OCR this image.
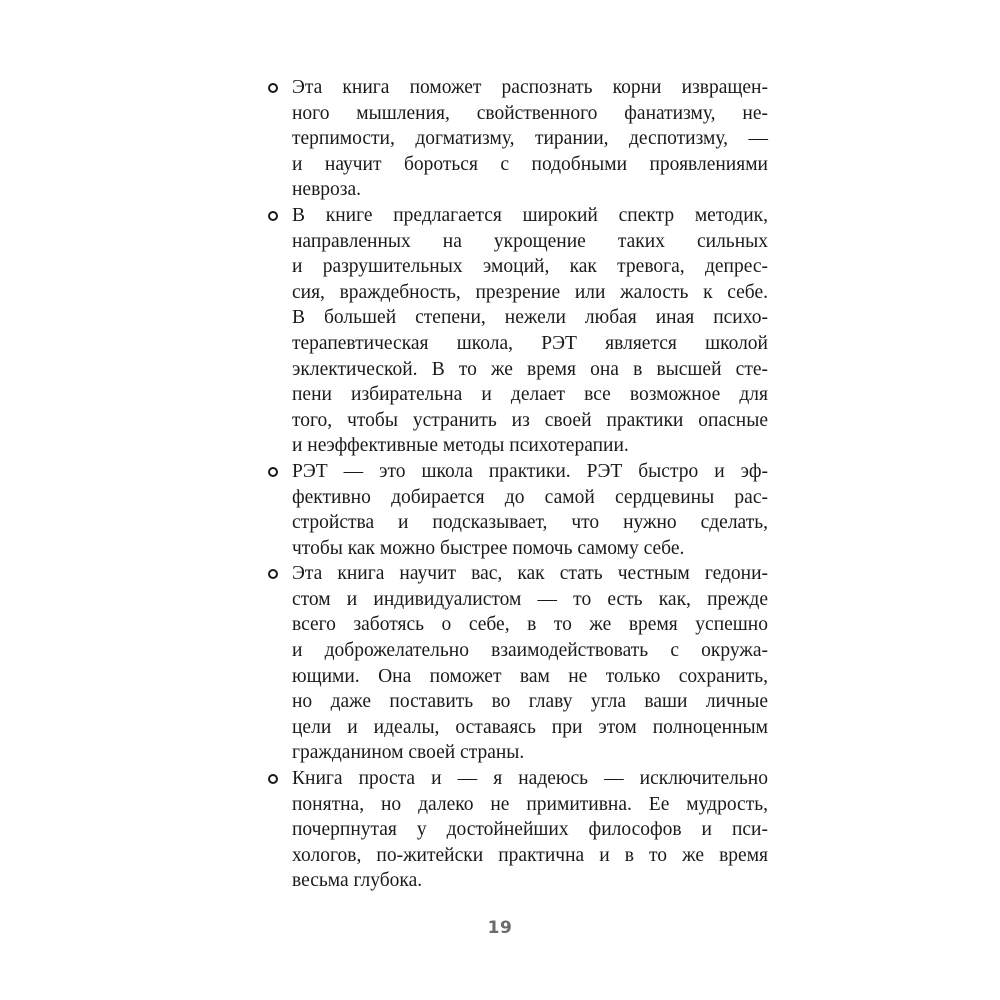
Эта книга поможет распознать корни извращен-
ного мышления, свойственного фанатизму, не-
терпимости, догматизму, тирании, деспотизму, —
и научит бороться с подобными проявлениями
невроза.
В книге предлагается широкий спектр методик,
направленных на укрощение таких сильных
и разрушительных эмоций, как тревога, депрес-
сия, враждебность, презрение или жалость к себе.
В большей степени, нежели любая иная психо-
терапевтическая школа, РЭТ является школой
эклектической. В то же время она в высшей сте-
пени избирательна и делает все возможное для
того, чтобы устранить из своей практики опасные
и неэффективные методы психотерапии.
РЭТ — это школа практики. РЭТ быстро и эф-
фективно добирается до самой сердцевины рас-
стройства и подсказывает, что нужно сделать,
чтобы как можно быстрее помочь самому себе.
Эта книга научит вас, как стать честным гедони-
стом и индивидуалистом — то есть как, прежде
всего заботясь о себе, в то же время успешно
и доброжелательно взаимодействовать с окружа-
ющими. Она поможет вам не только сохранить,
но даже поставить во главу угла ваши личные
цели и идеалы, оставаясь при этом полноценным
гражданином своей страны.
Книга проста и — я надеюсь — исключительно
понятна, но далеко не примитивна. Ее мудрость,
почерпнутая у достойнейших философов и пси-
хологов, по-житейски практична и в то же время
весьма глубока.
19
